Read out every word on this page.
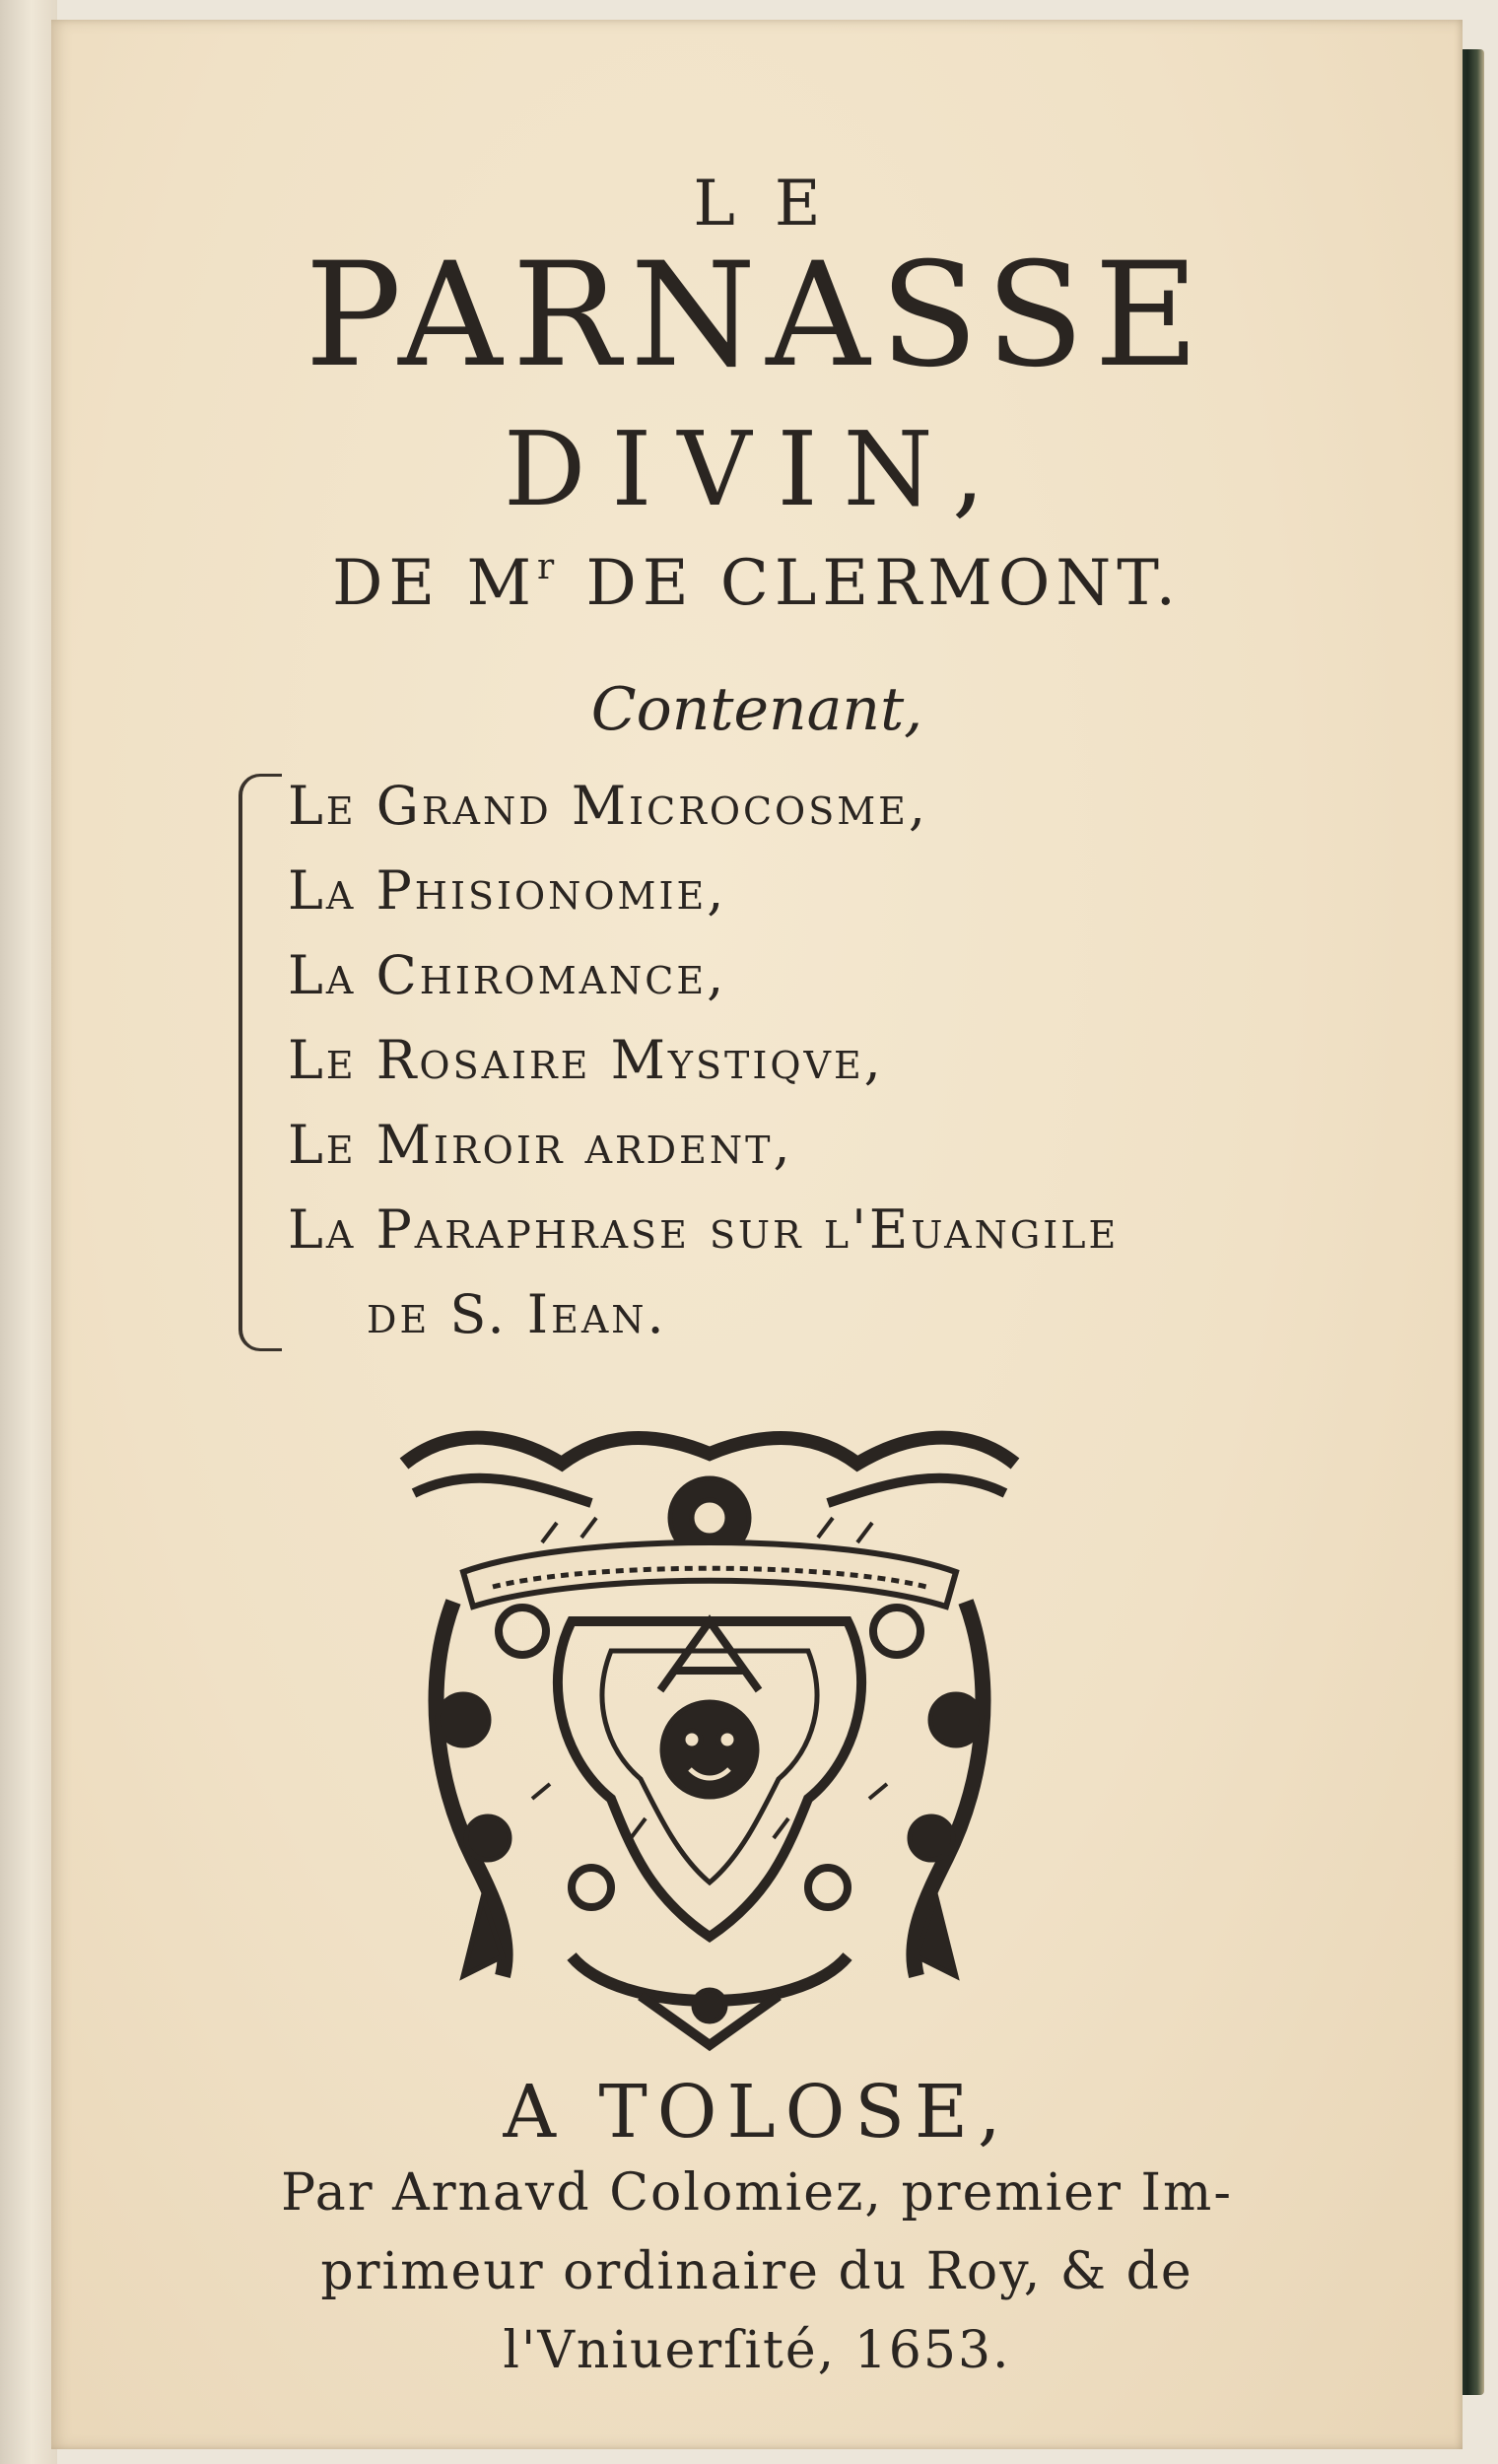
LE
PARNASSE
DIVIN,
DE $M^r$ DE CLERMONT.
Contenant,
Le Grand Microcosme,
La Phisionomie,
La Chiromance,
Le Rosaire Mystiqve,
Le Miroir ardent,
La Paraphrase ſur l'Euangile
de S. Iean.
A TOLOSE,
Par Arnavd Colomiez, premier Im-
primeur ordinaire du Roy, & de
l'Vniuerſité, 1653.
